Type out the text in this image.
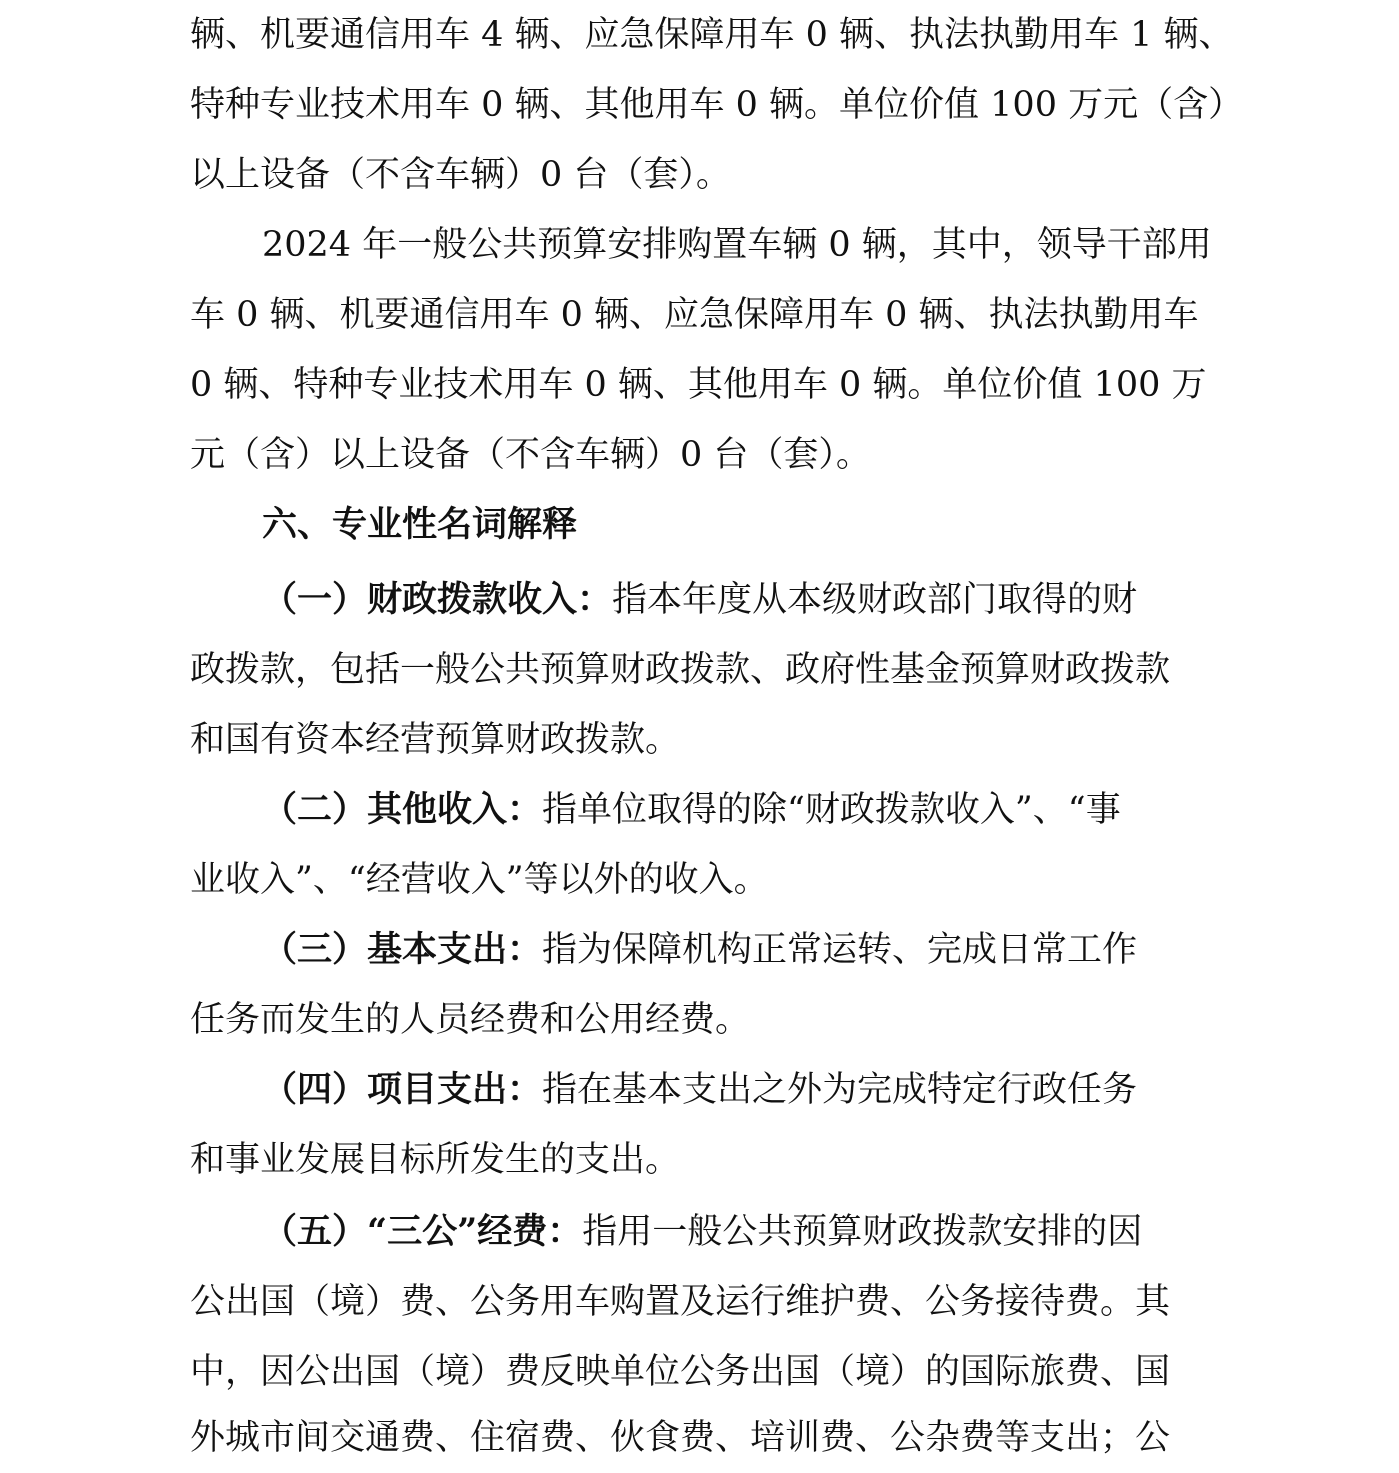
辆、机要通信用车 4 辆、应急保障用车 0 辆、执法执勤用车 1 辆、
特种专业技术用车 0 辆、其他用车 0 辆。单位价值 100 万元（含）
以上设备（不含车辆）0 台（套）。
2024 年一般公共预算安排购置车辆 0 辆，其中，领导干部用
车 0 辆、机要通信用车 0 辆、应急保障用车 0 辆、执法执勤用车
0 辆、特种专业技术用车 0 辆、其他用车 0 辆。单位价值 100 万
元（含）以上设备（不含车辆）0 台（套）。
六、专业性名词解释
（一）财政拨款收入：指本年度从本级财政部门取得的财
政拨款，包括一般公共预算财政拨款、政府性基金预算财政拨款
和国有资本经营预算财政拨款。
（二）其他收入：指单位取得的除“财政拨款收入”、“事
业收入”、“经营收入”等以外的收入。
（三）基本支出：指为保障机构正常运转、完成日常工作
任务而发生的人员经费和公用经费。
（四）项目支出：指在基本支出之外为完成特定行政任务
和事业发展目标所发生的支出。
（五）“三公”经费：指用一般公共预算财政拨款安排的因
公出国（境）费、公务用车购置及运行维护费、公务接待费。其
中，因公出国（境）费反映单位公务出国（境）的国际旅费、国
外城市间交通费、住宿费、伙食费、培训费、公杂费等支出；公
